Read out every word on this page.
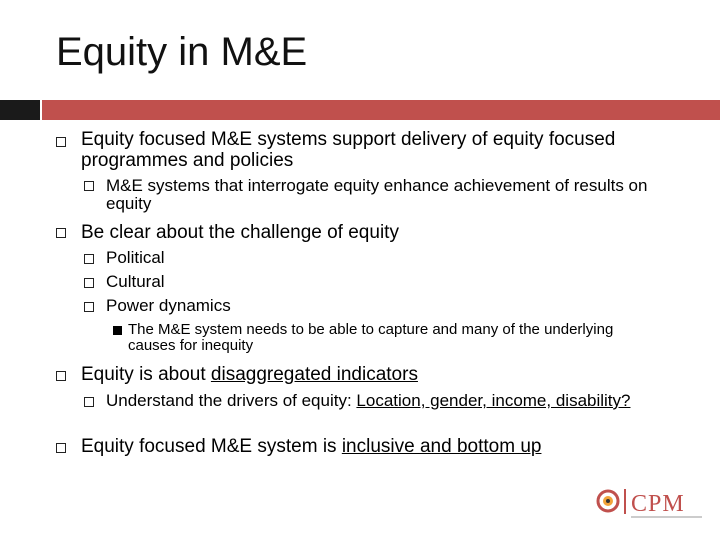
Equity in M&E
Equity focused M&E systems support delivery of equity focused programmes and policies
M&E systems that interrogate equity enhance achievement of results on equity
Be clear about the challenge of equity
Political
Cultural
Power dynamics
The M&E system needs to be able to capture and many of the underlying causes for inequity
Equity is about disaggregated indicators
Understand the drivers of equity: Location, gender, income, disability?
Equity focused M&E system is inclusive and bottom up
CPM
